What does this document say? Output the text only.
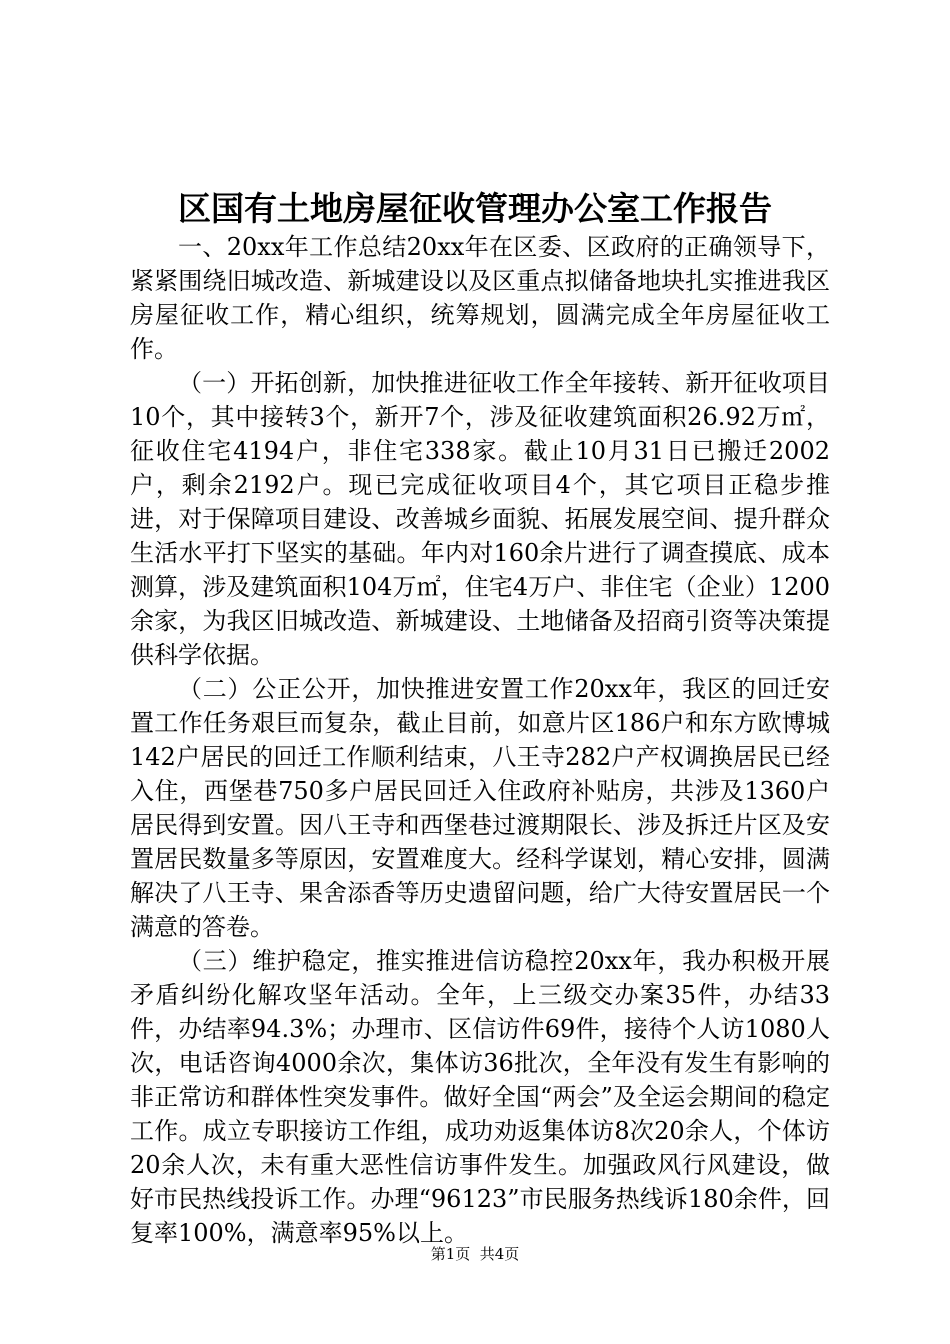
区国有土地房屋征收管理办公室工作报告

一、20xx年工作总结20xx年在区委、区政府的正确领导下，紧紧围绕旧城改造、新城建设以及区重点拟储备地块扎实推进我区房屋征收工作，精心组织，统筹规划，圆满完成全年房屋征收工作。

（一）开拓创新，加快推进征收工作全年接转、新开征收项目10个，其中接转3个，新开7个，涉及征收建筑面积26.92万㎡，征收住宅4194户，非住宅338家。截止10月31日已搬迁2002户，剩余2192户。现已完成征收项目4个，其它项目正稳步推进，对于保障项目建设、改善城乡面貌、拓展发展空间、提升群众生活水平打下坚实的基础。年内对160余片进行了调查摸底、成本测算，涉及建筑面积104万㎡，住宅4万户、非住宅（企业）1200余家，为我区旧城改造、新城建设、土地储备及招商引资等决策提供科学依据。

（二）公正公开，加快推进安置工作20xx年，我区的回迁安置工作任务艰巨而复杂，截止目前，如意片区186户和东方欧博城142户居民的回迁工作顺利结束，八王寺282户产权调换居民已经入住，西堡巷750多户居民回迁入住政府补贴房，共涉及1360户居民得到安置。因八王寺和西堡巷过渡期限长、涉及拆迁片区及安置居民数量多等原因，安置难度大。经科学谋划，精心安排，圆满解决了八王寺、果舍添香等历史遗留问题，给广大待安置居民一个满意的答卷。

（三）维护稳定，推实推进信访稳控20xx年，我办积极开展矛盾纠纷化解攻坚年活动。全年，上三级交办案35件，办结33件，办结率94.3%；办理市、区信访件69件，接待个人访1080人次，电话咨询4000余次，集体访36批次，全年没有发生有影响的非正常访和群体性突发事件。做好全国“两会”及全运会期间的稳定工作。成立专职接访工作组，成功劝返集体访8次20余人，个体访20余人次，未有重大恶性信访事件发生。加强政风行风建设，做好市民热线投诉工作。办理“96123”市民服务热线诉180余件，回复率100%，满意率95%以上。

第1页  共4页
